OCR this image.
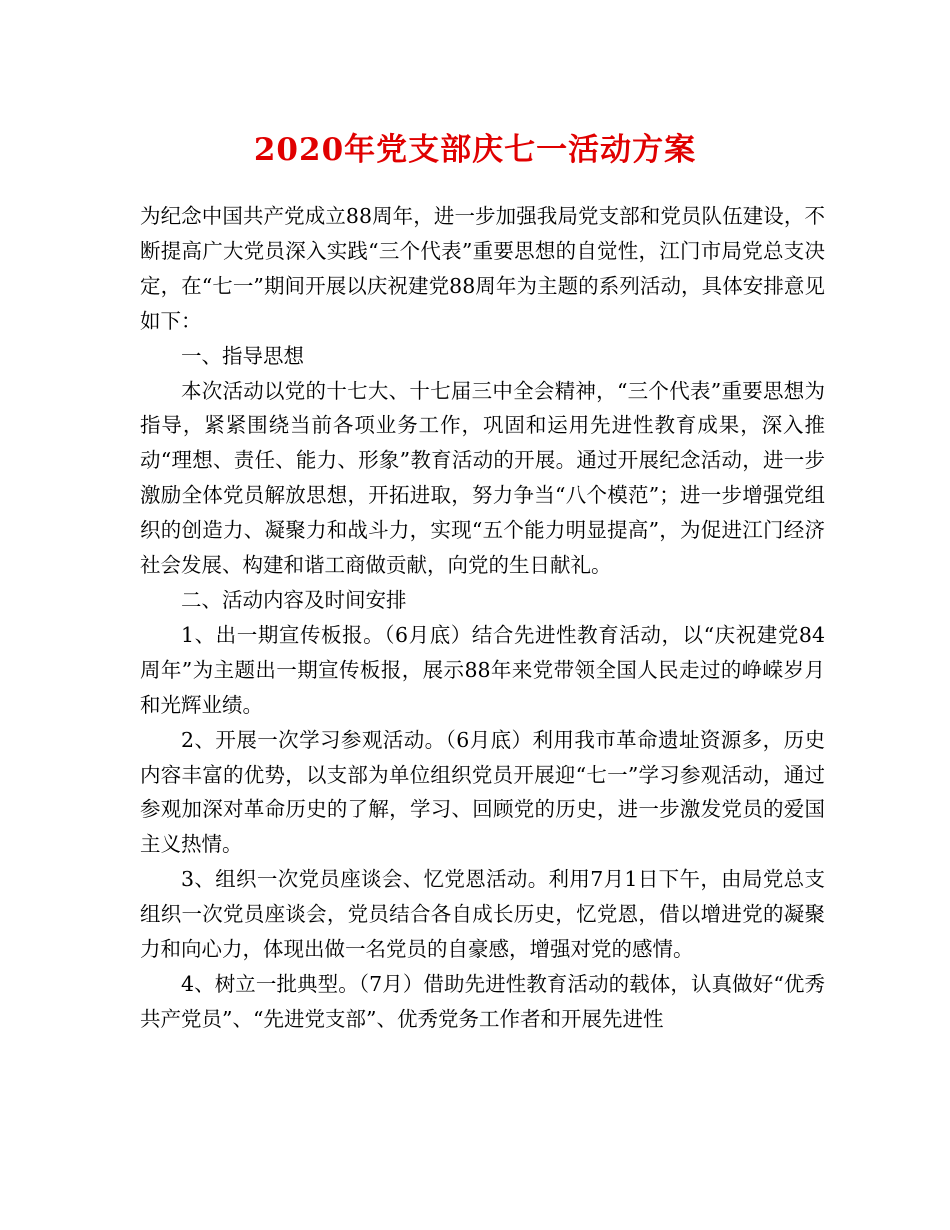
2020年党支部庆七一活动方案

为纪念中国共产党成立88周年，进一步加强我局党支部和党员队伍建设，不断提高广大党员深入实践“三个代表”重要思想的自觉性，江门市局党总支决定，在“七一”期间开展以庆祝建党88周年为主题的系列活动，具体安排意见如下：

一、指导思想

本次活动以党的十七大、十七届三中全会精神，“三个代表”重要思想为指导，紧紧围绕当前各项业务工作，巩固和运用先进性教育成果，深入推动“理想、责任、能力、形象”教育活动的开展。通过开展纪念活动，进一步激励全体党员解放思想，开拓进取，努力争当“八个模范”；进一步增强党组织的创造力、凝聚力和战斗力，实现“五个能力明显提高”，为促进江门经济社会发展、构建和谐工商做贡献，向党的生日献礼。

二、活动内容及时间安排

1、出一期宣传板报。（6月底）结合先进性教育活动，以“庆祝建党84周年”为主题出一期宣传板报，展示88年来党带领全国人民走过的峥嵘岁月和光辉业绩。

2、开展一次学习参观活动。（6月底）利用我市革命遗址资源多，历史内容丰富的优势，以支部为单位组织党员开展迎“七一”学习参观活动，通过参观加深对革命历史的了解，学习、回顾党的历史，进一步激发党员的爱国主义热情。

3、组织一次党员座谈会、忆党恩活动。利用7月1日下午，由局党总支组织一次党员座谈会，党员结合各自成长历史，忆党恩，借以增进党的凝聚力和向心力，体现出做一名党员的自豪感，增强对党的感情。

4、树立一批典型。（7月）借助先进性教育活动的载体，认真做好“优秀共产党员”、“先进党支部”、优秀党务工作者和开展先进性
